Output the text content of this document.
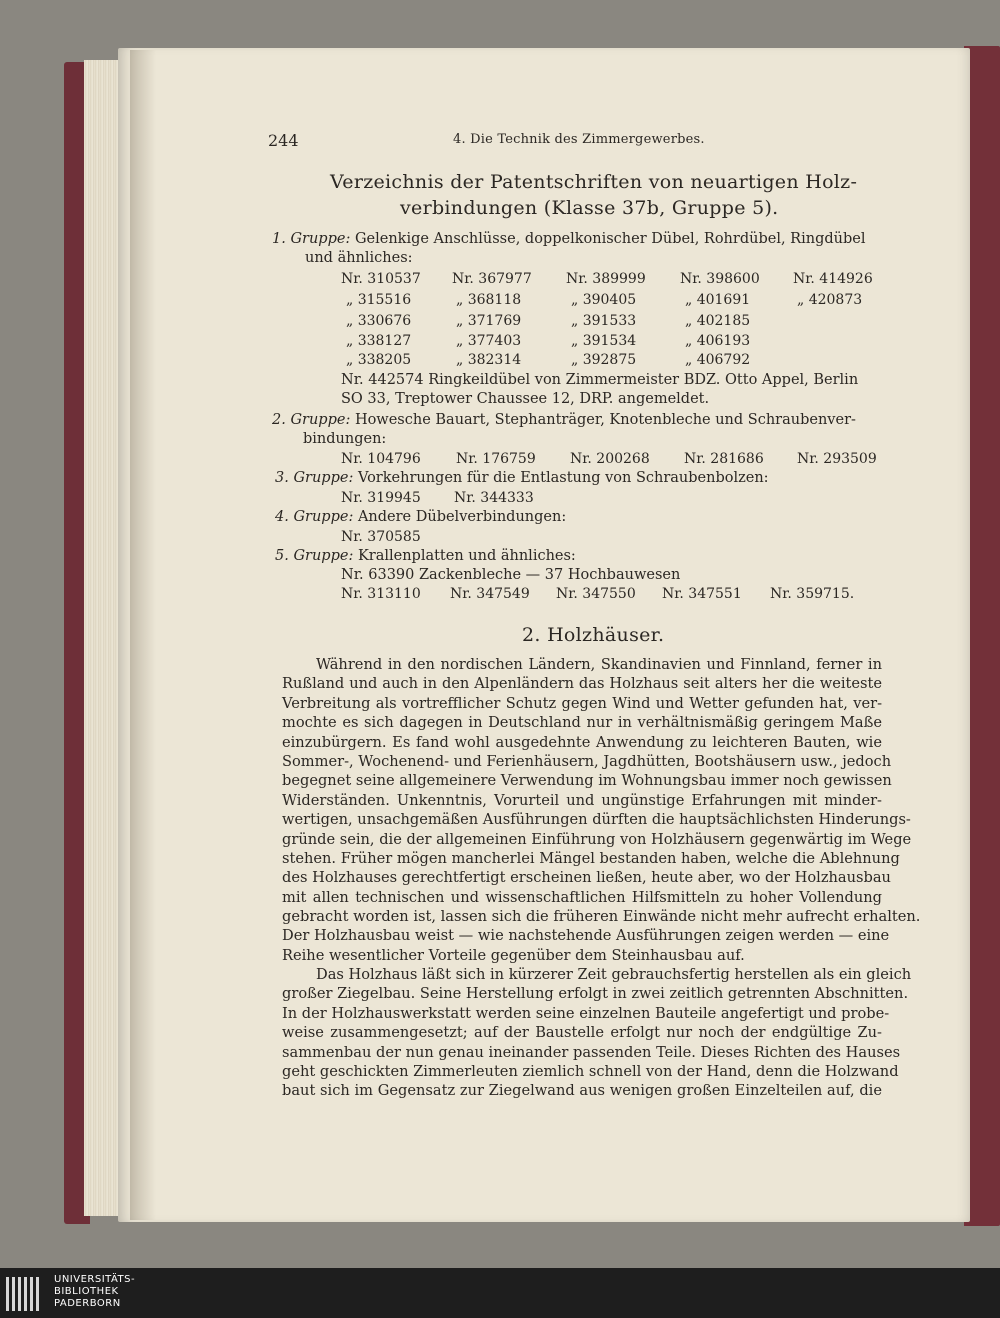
244	4. Die Technik des Zimmergewerbes.
Verzeichnis der Patentschriften von neuartigen Holz-
verbindungen (Klasse 37b, Gruppe 5).
1. Gruppe: Gelenkige Anschlüsse, doppelkonischer Dübel, Rohrdübel, Ringdübel
und ähnliches:
Nr. 310537 Nr. 367977 Nr. 389999 Nr. 398600 Nr. 414926
„ 315516	„ 368118	„ 390405	„ 401691	„ 420873
„ 330676	„ 371769	„ 391533	„ 402185
„ 338127	„ 377403	„ 391534	„ 406193
„ 338205	„ 382314	„ 392875	„ 406792
Nr. 442574 Ringkeildübel von Zimmermeister BDZ. Otto Appel, Berlin
SO 33, Treptower Chaussee 12, DRP. angemeldet.
2. Gruppe: Howesche Bauart, Stephanträger, Knotenbleche und Schraubenver-
bindungen:
Nr. 104796	Nr. 176759 Nr. 200268 Nr. 281686 Nr. 293509
3. Gruppe: Vorkehrungen für die Entlastung von Schraubenbolzen:
Nr. 319945 Nr. 344333
4. Gruppe: Andere Dübelverbindungen:
Nr. 370585
5. Gruppe: Krallenplatten und ähnliches:
Nr. 63390 Zackenbleche — 37 Hochbauwesen
Nr. 313110 Nr. 347549 Nr. 347550 Nr. 347551 Nr. 359715.
2. Holzhäuser.
Während in den nordischen Ländern, Skandinavien und Finnland, ferner in
Rußland und auch in den Alpenländern das Holzhaus seit alters her die weiteste
Verbreitung als vortrefflicher Schutz gegen Wind und Wetter gefunden hat, ver-
mochte es sich dagegen in Deutschland nur in verhältnismäßig geringem Maße
einzubürgern. Es fand wohl ausgedehnte Anwendung zu leichteren Bauten, wie
Sommer-, Wochenend- und Ferienhäusern, Jagdhütten, Bootshäusern usw., jedoch
begegnet seine allgemeinere Verwendung im Wohnungsbau immer noch gewissen
Widerständen. Unkenntnis, Vorurteil und ungünstige Erfahrungen mit minder-
wertigen, unsachgemäßen Ausführungen dürften die hauptsächlichsten Hinderungs-
gründe sein, die der allgemeinen Einführung von Holzhäusern gegenwärtig im Wege
stehen. Früher mögen mancherlei Mängel bestanden haben, welche die Ablehnung
des Holzhauses gerechtfertigt erscheinen ließen, heute aber, wo der Holzhausbau
mit allen technischen und wissenschaftlichen Hilfsmitteln zu hoher Vollendung
gebracht worden ist, lassen sich die früheren Einwände nicht mehr aufrecht erhalten.
Der Holzhausbau weist — wie nachstehende Ausführungen zeigen werden — eine
Reihe wesentlicher Vorteile gegenüber dem Steinhausbau auf.
Das Holzhaus läßt sich in kürzerer Zeit gebrauchsfertig herstellen als ein gleich
großer Ziegelbau. Seine Herstellung erfolgt in zwei zeitlich getrennten Abschnitten.
In der Holzhauswerkstatt werden seine einzelnen Bauteile angefertigt und probe-
weise zusammengesetzt; auf der Baustelle erfolgt nur noch der endgültige Zu-
sammenbau der nun genau ineinander passenden Teile. Dieses Richten des Hauses
geht geschickten Zimmerleuten ziemlich schnell von der Hand, denn die Holzwand
baut sich im Gegensatz zur Ziegelwand aus wenigen großen Einzelteilen auf, die
UNIVERSITÄTS-
BIBLIOTHEK
PADERBORN
